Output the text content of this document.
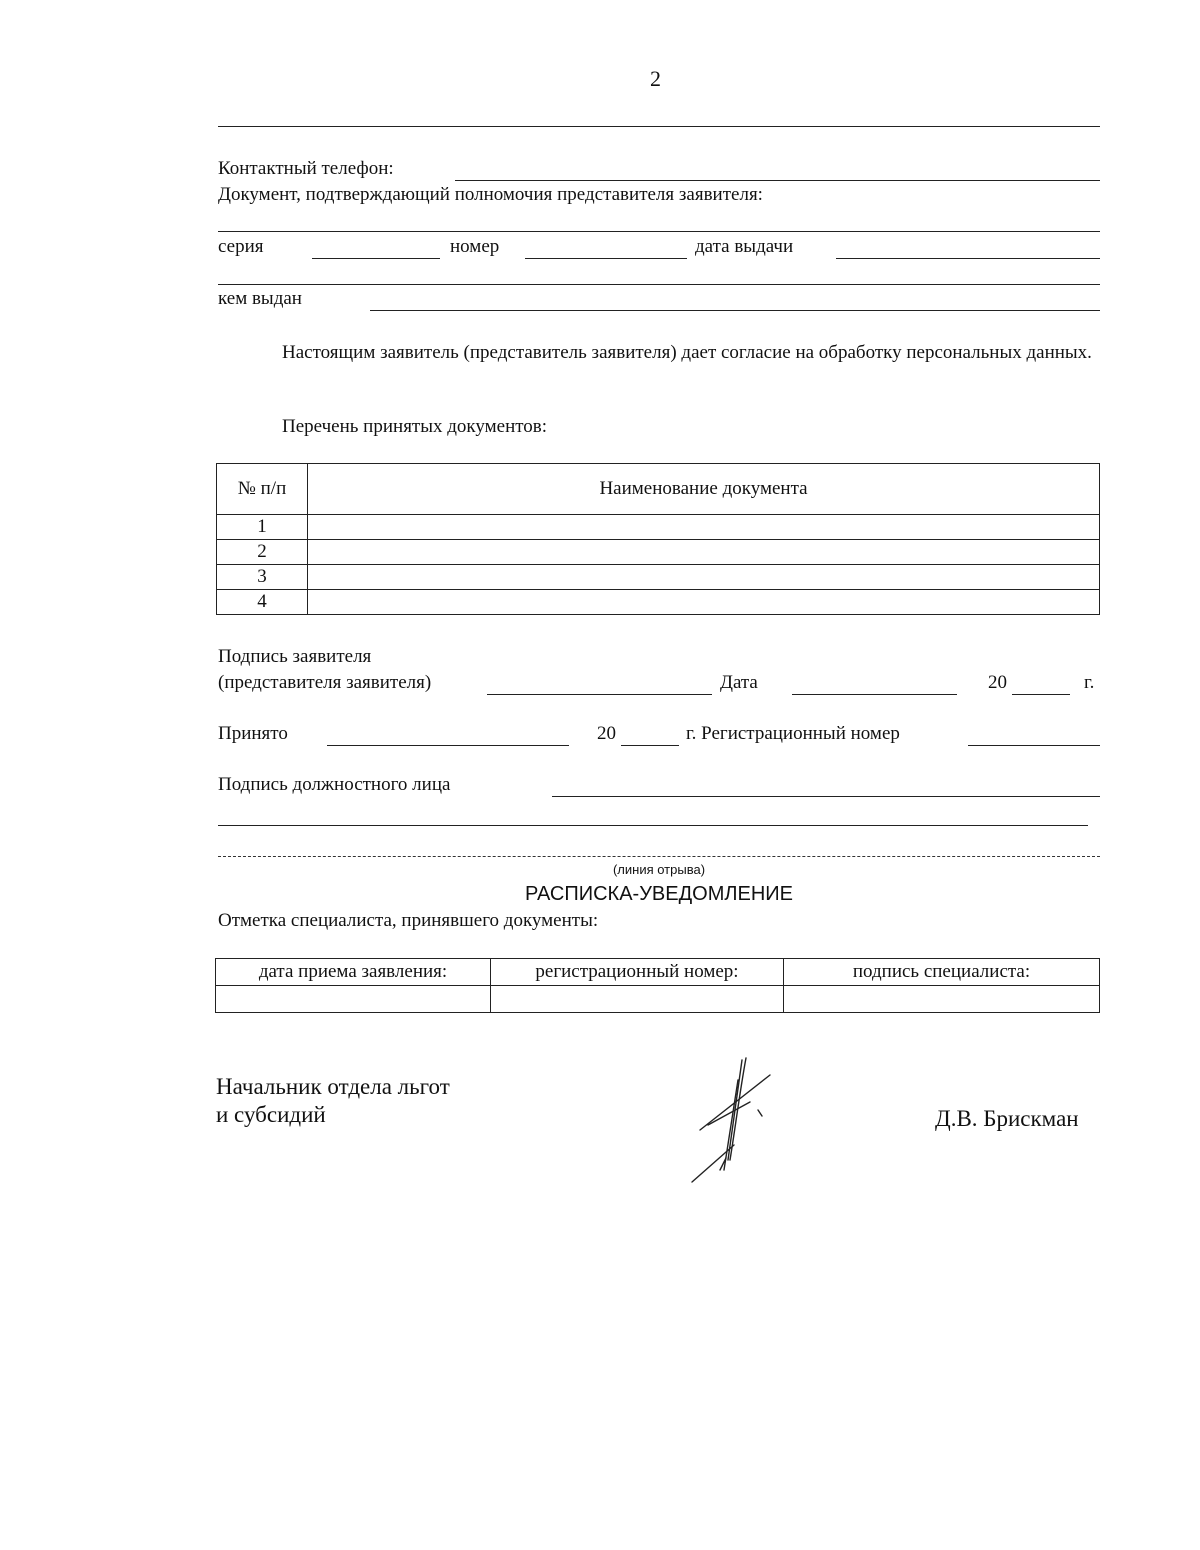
2
Контактный телефон:
Документ, подтверждающий полномочия представителя заявителя:
серия	номер	дата выдачи
кем выдан
Настоящим заявитель (представитель заявителя) дает согласие на обработку персональных данных.
Перечень принятых документов:
№ п/п	Наименование документа
1	
2	
3	
4	
Подпись заявителя
(представителя заявителя)	Дата	20	г.
Принято	20	г. Регистрационный номер
Подпись должностного лица
(линия отрыва)
РАСПИСКА-УВЕДОМЛЕНИЕ
Отметка специалиста, принявшего документы:
дата приема заявления:	регистрационный номер:	подпись специалиста:

Начальник отдела льгот
и субсидий	Д.В. Брискман
